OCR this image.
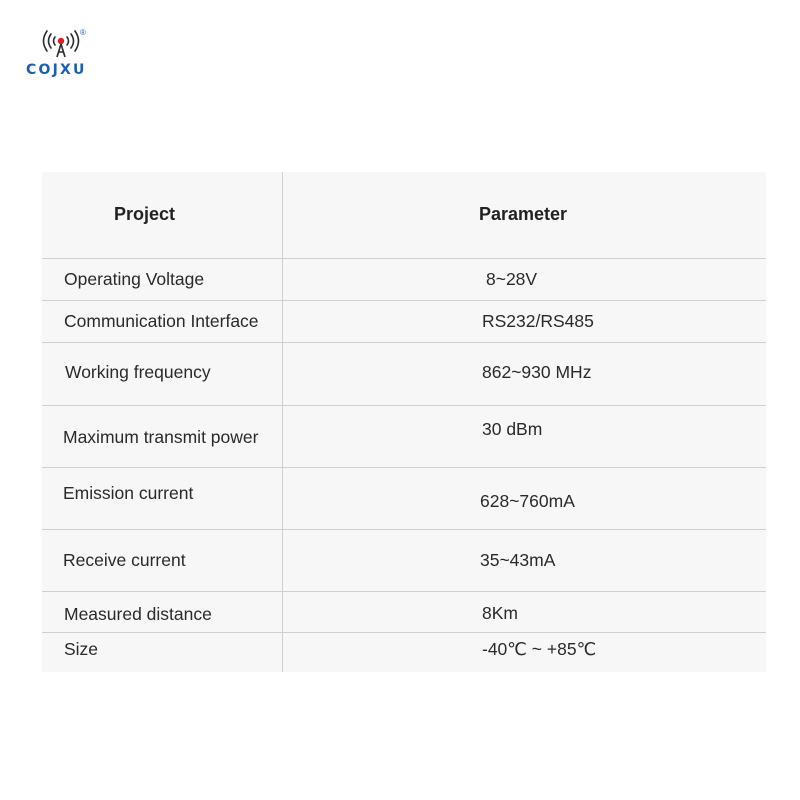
®
COJXU
Project	Parameter
Operating Voltage	8~28V
Communication Interface	RS232/RS485
Working frequency	862~930 MHz
Maximum transmit power	30 dBm
Emission current	628~760mA
Receive current	35~43mA
Measured distance	8Km
Size	-40℃ ~ +85℃
